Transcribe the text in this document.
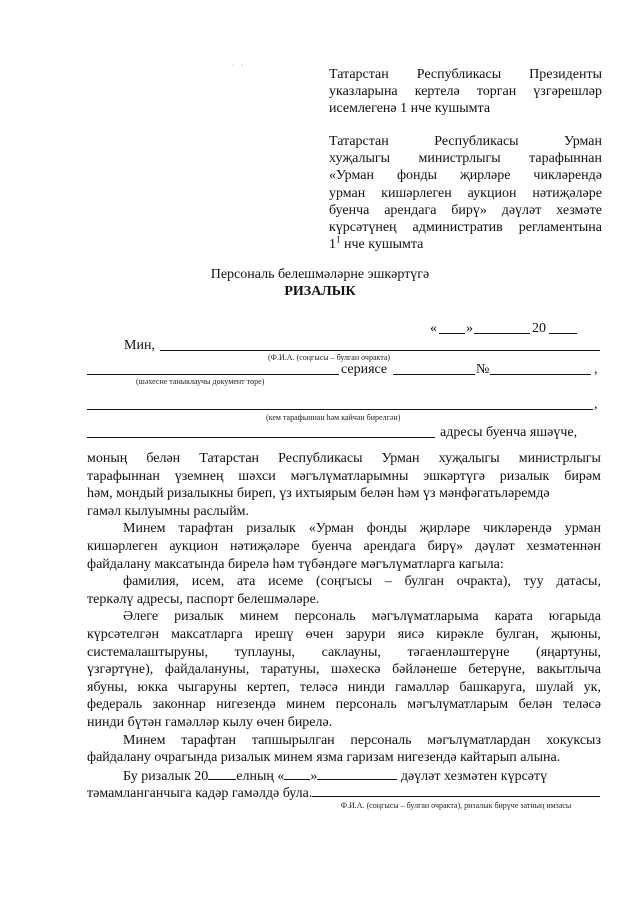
· ·
Татарстан Республикасы Президенты
указларына кертелә торган үзгәрешләр
исемлегенә 1 нче кушымта
Татарстан	Республикасы	Урман
хуҗалыгы министрлыгы тарафыннан
«Урман фонды җирләре чикләрендә
урман кишәрлеген аукцион нәтиҗәләре
буенча арендага бирү» дәүләт хезмәте
күрсәтүнең административ регламентына
$1^1$ нче кушымта
Персональ белешмәләрне эшкәртүгә
РИЗАЛЫК
« »	20
Мин,
(Ф.И.А. (соңгысы – булган очракта)
сериясе	№	,
(шәхесне таныклаучы документ төре)
,
(кем тарафыннан һәм кайчан бирелгән)
адресы буенча яшәүче,
моның белән Татарстан Республикасы Урман хуҗалыгы министрлыгы
тарафыннан үземнең шәхси мәгълүматларымны эшкәртүгә ризалык бирәм
һәм, мондый ризалыкны биреп, үз ихтыярым белән һәм үз мәнфәгатьләремдә
гамәл кылуымны раслыйм.
Минем тарафтан ризалык «Урман фонды җирләре чикләрендә урман
кишәрлеген аукцион нәтиҗәләре буенча арендага бирү» дәүләт хезмәтеннән
файдалану максатында бирелә һәм түбәндәге мәгълүматларга кагыла:
фамилия, исем, ата исеме (соңгысы – булган очракта), туу датасы,
теркәлү адресы, паспорт белешмәләре.
Әлеге ризалык минем персональ мәгълүматларыма карата югарыда
күрсәтелгән максатларга ирешү өчен зарури яисә кирәкле булган, җыюны,
системалаштыруны, туплауны, саклауны, тәгаенләштерүне (яңартуны,
үзгәртүне), файдалануны, таратуны, шәхескә бәйләнеше бетерүне, вакытлыча
ябуны, юкка чыгаруны кертеп, теләсә нинди гамәлләр башкаруга, шулай ук,
федераль законнар нигезендә минем персональ мәгълүматларым белән теләсә
нинди бүтән гамәлләр кылу өчен бирелә.
Минем тарафтан тапшырылган персональ мәгълүматлардан хокуксыз
файдалану очрагында ризалык минем язма гаризам нигезендә кайтарып алына.
Бу ризалык 20 елның « »	дәүләт хезмәтен күрсәтү
тәмамланганчыга кадәр гамәлдә була.
Ф.И.А. (соңгысы – булган очракта), ризалык бирүче затның имзасы
